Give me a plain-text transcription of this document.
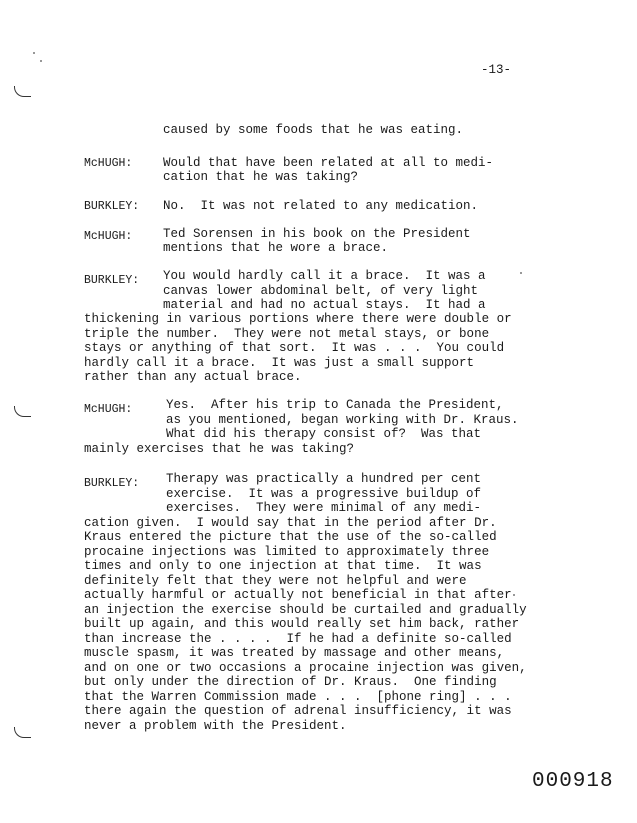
-13-
caused by some foods that he was eating.
McHUGH: Would that have been related at all to medi-
cation that he was taking?
BURKLEY: No.  It was not related to any medication.
McHUGH: Ted Sorensen in his book on the President
mentions that he wore a brace.
BURKLEY: You would hardly call it a brace.  It was a
canvas lower abdominal belt, of very light
material and had no actual stays.  It had a
thickening in various portions where there were double or
triple the number.  They were not metal stays, or bone
stays or anything of that sort.  It was . . .  You could
hardly call it a brace.  It was just a small support
rather than any actual brace.
McHUGH:	Yes.  After his trip to Canada the President,
as you mentioned, began working with Dr. Kraus.
What did his therapy consist of?  Was that
mainly exercises that he was taking?
BURKLEY: Therapy was practically a hundred per cent
exercise.  It was a progressive buildup of
exercises.  They were minimal of any medi-
cation given.  I would say that in the period after Dr.
Kraus entered the picture that the use of the so-called
procaine injections was limited to approximately three
times and only to one injection at that time.  It was
definitely felt that they were not helpful and were
actually harmful or actually not beneficial in that after
an injection the exercise should be curtailed and gradually
built up again, and this would really set him back, rather
than increase the . . . .  If he had a definite so-called
muscle spasm, it was treated by massage and other means,
and on one or two occasions a procaine injection was given,
but only under the direction of Dr. Kraus.  One finding
that the Warren Commission made . . .  [phone ring] . . .
there again the question of adrenal insufficiency, it was
never a problem with the President.
000918
